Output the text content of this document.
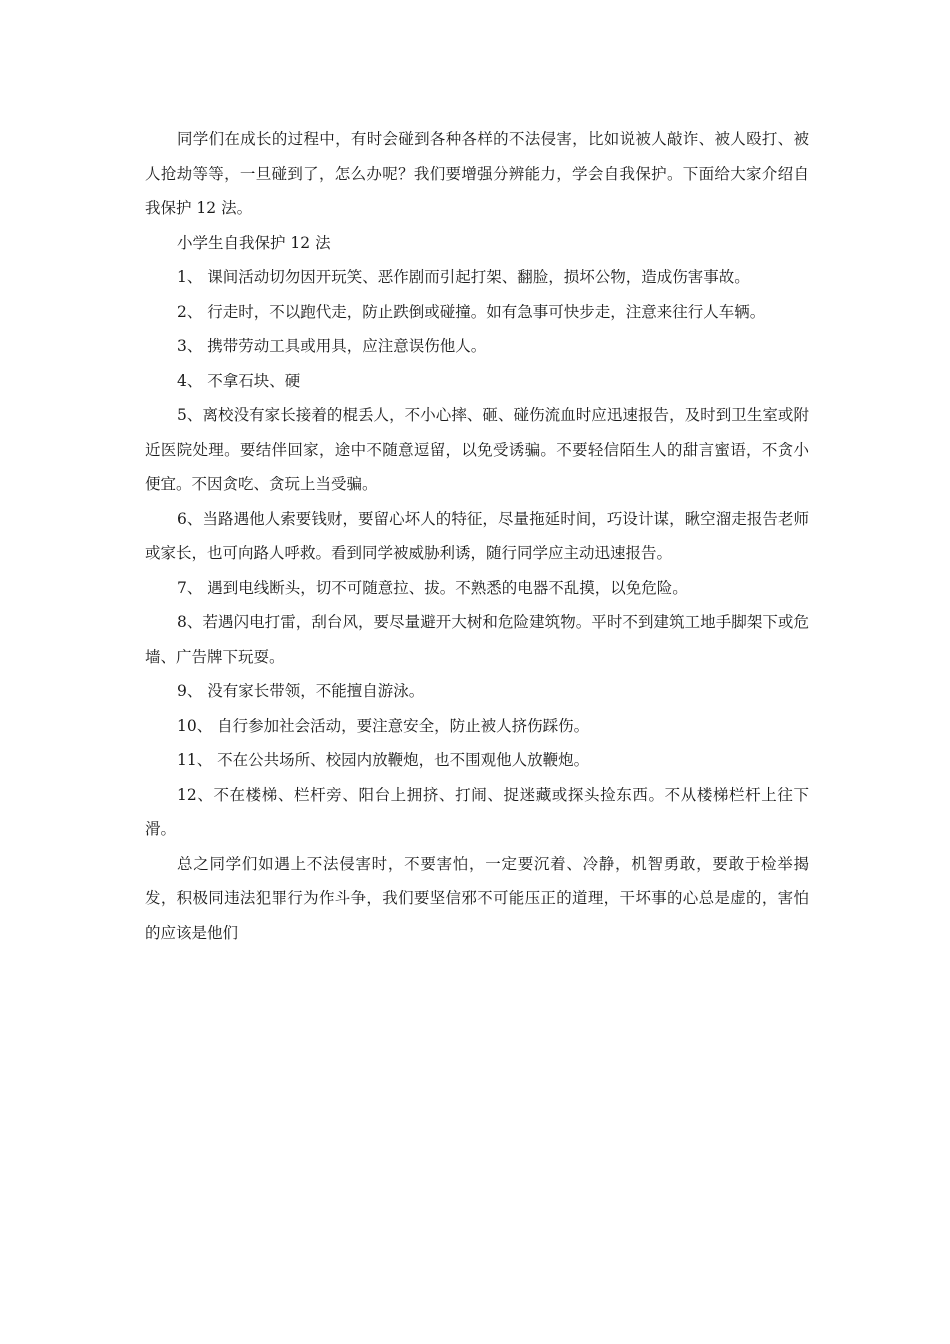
同学们在成长的过程中，有时会碰到各种各样的不法侵害，比如说被人敲诈、被人殴打、被人抢劫等等，一旦碰到了，怎么办呢？我们要增强分辨能力，学会自我保护。下面给大家介绍自我保护 12 法。

小学生自我保护 12 法

1、 课间活动切勿因开玩笑、恶作剧而引起打架、翻脸，损坏公物，造成伤害事故。

2、 行走时，不以跑代走，防止跌倒或碰撞。如有急事可快步走，注意来往行人车辆。

3、 携带劳动工具或用具，应注意误伤他人。

4、 不拿石块、硬

5、离校没有家长接着的棍丢人，不小心摔、砸、碰伤流血时应迅速报告，及时到卫生室或附近医院处理。要结伴回家，途中不随意逗留，以免受诱骗。不要轻信陌生人的甜言蜜语，不贪小便宜。不因贪吃、贪玩上当受骗。

6、当路遇他人索要钱财，要留心坏人的特征，尽量拖延时间，巧设计谋，瞅空溜走报告老师或家长，也可向路人呼救。看到同学被威胁利诱，随行同学应主动迅速报告。

7、 遇到电线断头，切不可随意拉、拔。不熟悉的电器不乱摸，以免危险。

8、若遇闪电打雷，刮台风，要尽量避开大树和危险建筑物。平时不到建筑工地手脚架下或危墙、广告牌下玩耍。

9、 没有家长带领，不能擅自游泳。

10、 自行参加社会活动，要注意安全，防止被人挤伤踩伤。

11、 不在公共场所、校园内放鞭炮，也不围观他人放鞭炮。

12、不在楼梯、栏杆旁、阳台上拥挤、打闹、捉迷藏或探头捡东西。不从楼梯栏杆上往下滑。

总之同学们如遇上不法侵害时，不要害怕，一定要沉着、冷静，机智勇敢，要敢于检举揭发，积极同违法犯罪行为作斗争，我们要坚信邪不可能压正的道理，干坏事的心总是虚的，害怕的应该是他们
